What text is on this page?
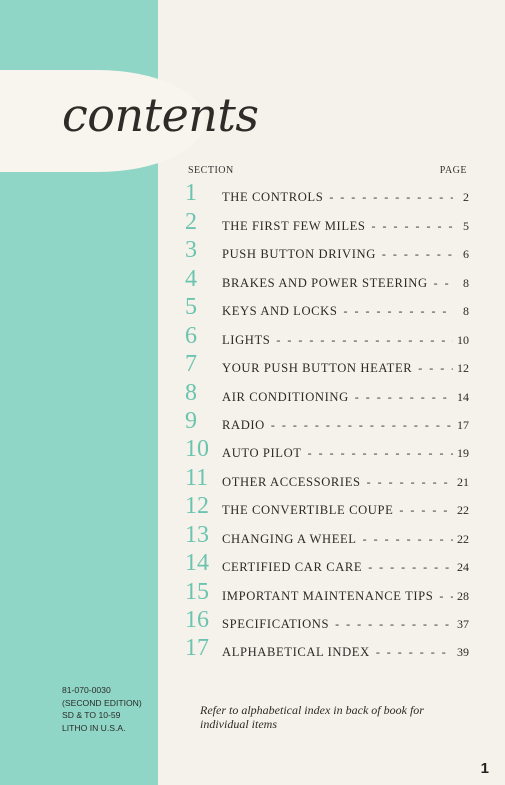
contents
SECTION	PAGE
1	THE CONTROLS - - -	2
2	THE FIRST FEW MILES - - -	5
3	PUSH BUTTON DRIVING - - -	6
4	BRAKES AND POWER STEERING - - -	8
5	KEYS AND LOCKS - - -	8
6	LIGHTS - - -	10
7	YOUR PUSH BUTTON HEATER - - -	12
8	AIR CONDITIONING - - -	14
9	RADIO - - -	17
10	AUTO PILOT - - -	19
11	OTHER ACCESSORIES - - -	21
12	THE CONVERTIBLE COUPE - - -	22
13	CHANGING A WHEEL - - -	22
14	CERTIFIED CAR CARE - - -	24
15	IMPORTANT MAINTENANCE TIPS - - -	28
16	SPECIFICATIONS - - -	37
17	ALPHABETICAL INDEX - - -	39
81-070-0030
(SECOND EDITION)
SD & TO 10-59
LITHO IN U.S.A.
Refer to alphabetical index in back of book for individual items
1
